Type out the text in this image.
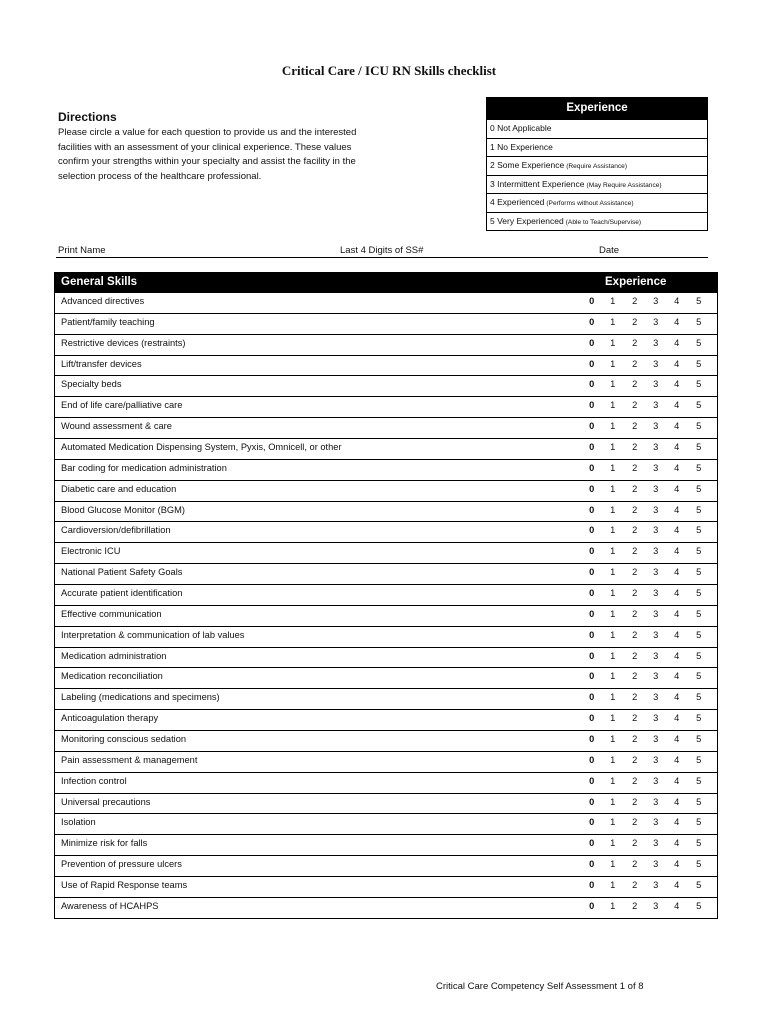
Critical Care / ICU RN Skills checklist
Directions

Please circle a value for each question to provide us and the interested facilities with an assessment of your clinical experience. These values confirm your strengths within your specialty and assist the facility in the selection process of the healthcare professional.

Experience
0 Not Applicable
1 No Experience
2 Some Experience (Require Assistance)
3 Intermittent Experience (May Require Assistance)
4 Experienced (Performs without Assistance)
5 Very Experienced (Able to Teach/Supervise)
Print Name	Last 4 Digits of SS#	Date
General Skills	Experience
Advanced directives	0	1	2	3	4	5
Patient/family teaching	0	1	2	3	4	5
Restrictive devices (restraints)	0	1	2	3	4	5
Lift/transfer devices	0	1	2	3	4	5
Specialty beds	0	1	2	3	4	5
End of life care/palliative care	0	1	2	3	4	5
Wound assessment & care	0	1	2	3	4	5
Automated Medication Dispensing System, Pyxis, Omnicell, or other	0	1	2	3	4	5
Bar coding for medication administration	0	1	2	3	4	5
Diabetic care and education	0	1	2	3	4	5
Blood Glucose Monitor (BGM)	0	1	2	3	4	5
Cardioversion/defibrillation	0	1	2	3	4	5
Electronic ICU	0	1	2	3	4	5
National Patient Safety Goals	0	1	2	3	4	5
Accurate patient identification	0	1	2	3	4	5
Effective communication	0	1	2	3	4	5
Interpretation & communication of lab values	0	1	2	3	4	5
Medication administration	0	1	2	3	4	5
Medication reconciliation	0	1	2	3	4	5
Labeling (medications and specimens)	0	1	2	3	4	5
Anticoagulation therapy	0	1	2	3	4	5
Monitoring conscious sedation	0	1	2	3	4	5
Pain assessment & management	0	1	2	3	4	5
Infection control	0	1	2	3	4	5
Universal precautions	0	1	2	3	4	5
Isolation	0	1	2	3	4	5
Minimize risk for falls	0	1	2	3	4	5
Prevention of pressure ulcers	0	1	2	3	4	5
Use of Rapid Response teams	0	1	2	3	4	5
Awareness of HCAHPS	0	1	2	3	4	5
Critical Care Competency Self Assessment 1 of 8
